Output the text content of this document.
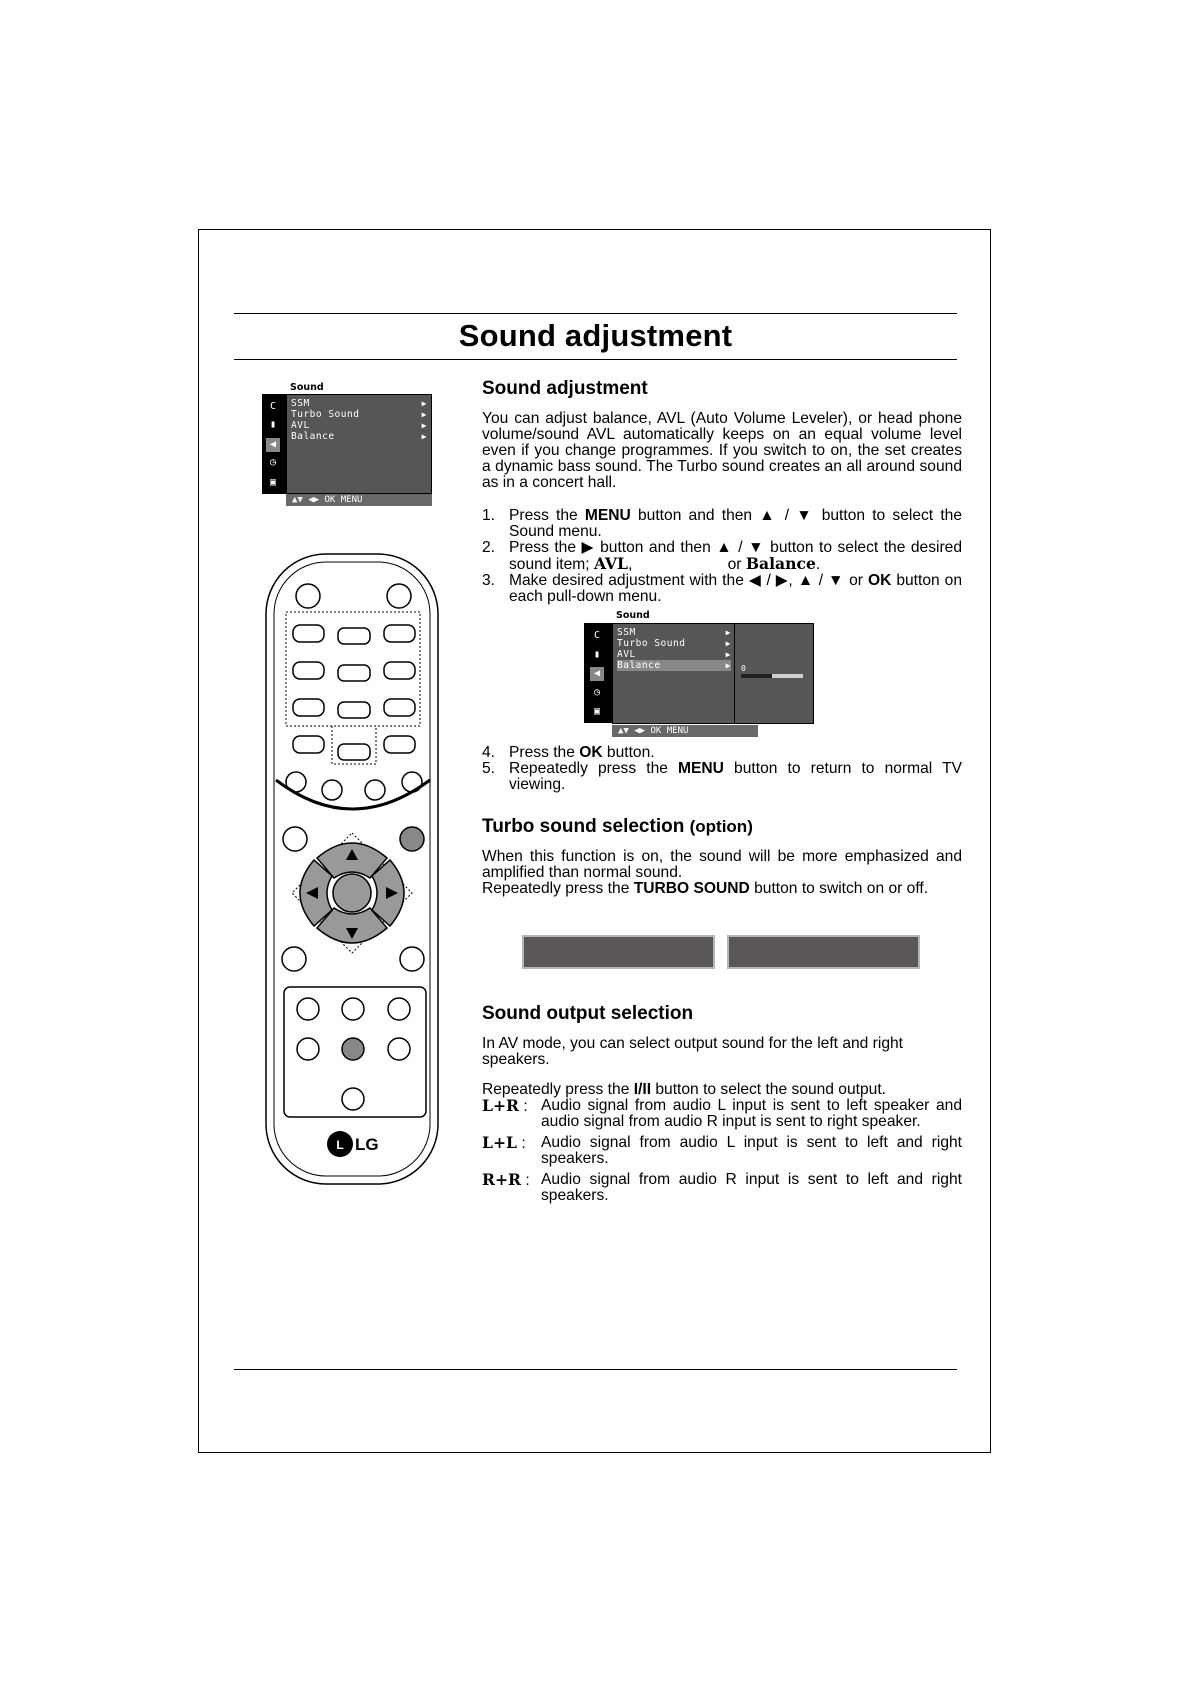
Sound adjustment
Sound
C
▮
◀
◷
▣
SSM	▶
Turbo Sound	▶
AVL	▶
Balance	▶
▲▼ ◀▶ OK MENU
L LG
Sound adjustment

You can adjust balance, AVL (Auto Volume Leveler), or head phone volume/sound AVL automatically keeps on an equal volume level even if you change programmes. If you switch to on, the set creates a dynamic bass sound. The Turbo sound creates an all around sound as in a concert hall.

1. Press the MENU button and then ▲ / ▼ button to select the Sound menu.
2. Press the ▶ button and then ▲ / ▼ button to select the desired sound item; AVL,                      or Balance.
3. Make desired adjustment with the ◀ / ▶, ▲ / ▼ or OK button on each pull-down menu.
Sound
C
▮
◀
◷
▣
SSM	▶
Turbo Sound	▶
AVL	▶
Balance	▶ 0
▲▼ ◀▶ OK MENU
4. Press the OK button.
5. Repeatedly press the MENU button to return to normal TV viewing.
Turbo sound selection (option)

When this function is on, the sound will be more emphasized and amplified than normal sound.

Repeatedly press the TURBO SOUND button to switch on or off.

Sound output selection

In AV mode, you can select output sound for the left and right speakers.

Repeatedly press the I/II button to select the sound output.

L+R : Audio signal from audio L input is sent to left speaker and audio signal from audio R input is sent to right speaker.
L+L : Audio signal from audio L input is sent to left and right speakers.
R+R : Audio signal from audio R input is sent to left and right speakers.
